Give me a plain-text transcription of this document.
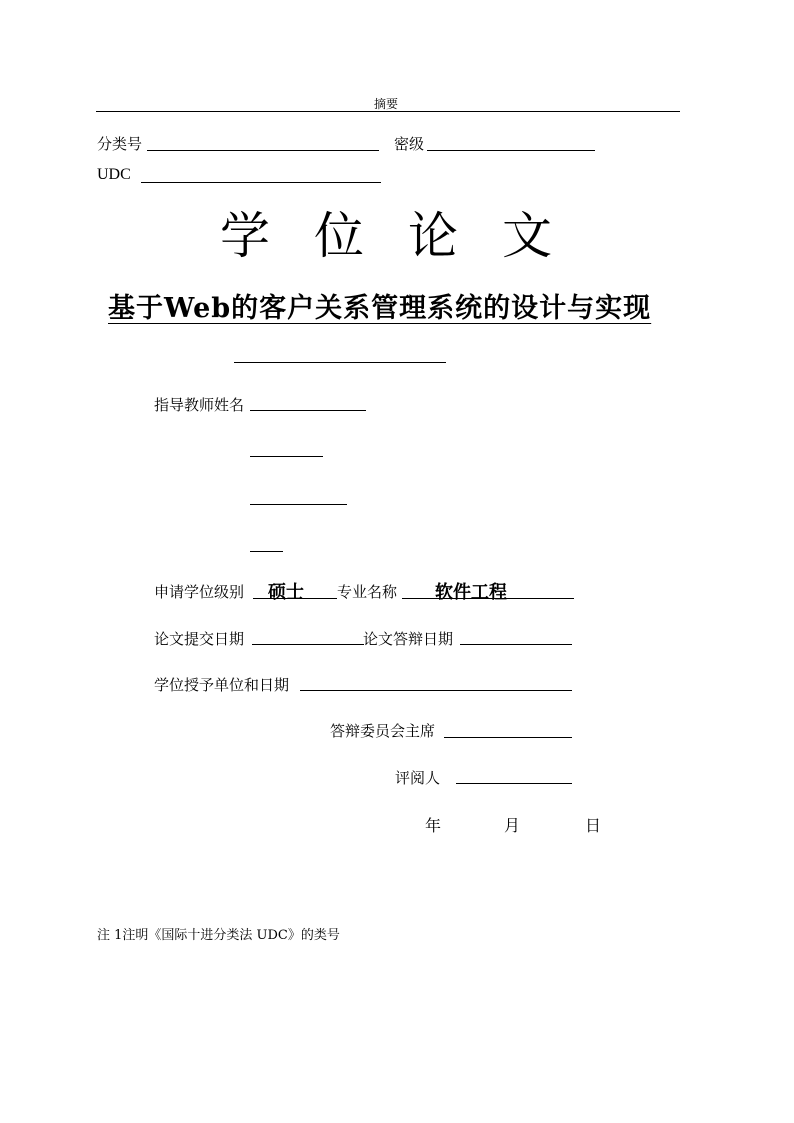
摘要
分类号	密级
UDC
学位论文
基于Web的客户关系管理系统的设计与实现
指导教师姓名
申请学位级别 硕士 专业名称 软件工程
论文提交日期	论文答辩日期
学位授予单位和日期
答辩委员会主席
评阅人
年	月	日
注 1注明《国际十进分类法 UDC》的类号
